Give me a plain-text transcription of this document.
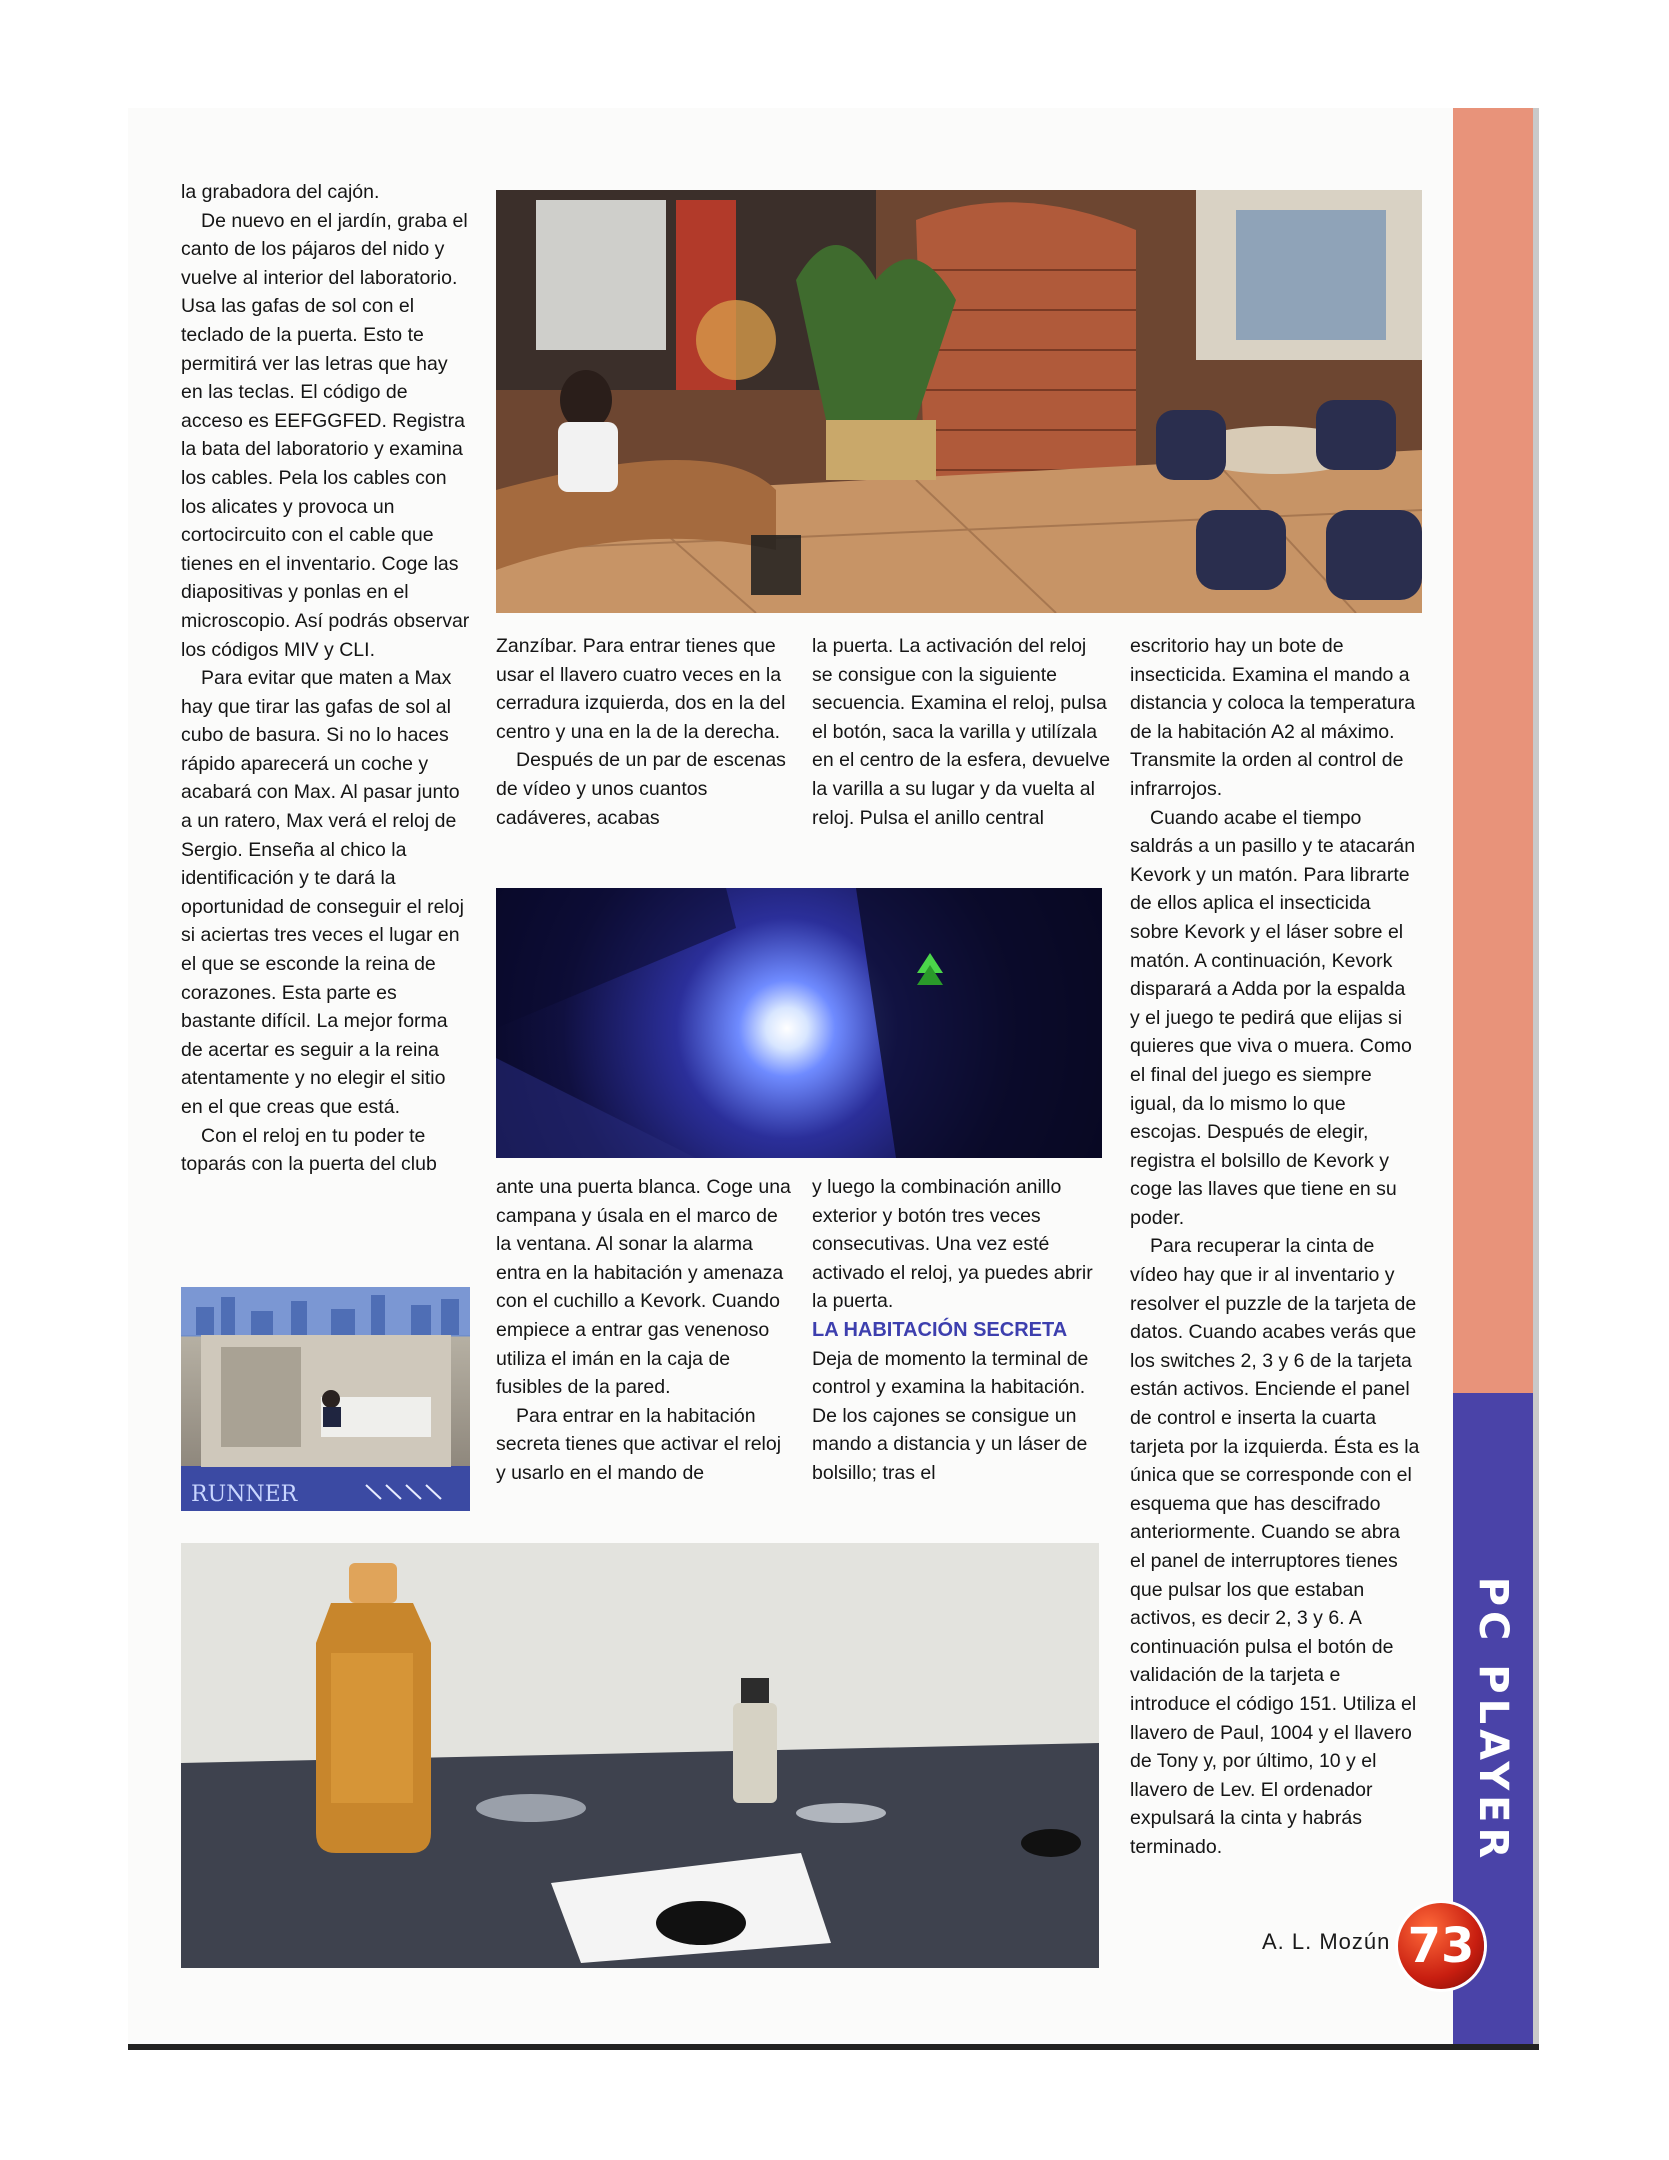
PC PLAYER
73
RUNNER

la grabadora del cajón.

De nuevo en el jardín, graba el canto de los pájaros del nido y vuelve al interior del laboratorio. Usa las gafas de sol con el teclado de la puerta. Esto te permitirá ver las letras que hay en las teclas. El código de acceso es EEFGGFED. Registra la bata del laboratorio y examina los cables. Pela los cables con los alicates y provoca un cortocircuito con el cable que tienes en el inventario. Coge las diapositivas y ponlas en el microscopio. Así podrás observar los códigos MIV y CLI.

Para evitar que maten a Max hay que tirar las gafas de sol al cubo de basura. Si no lo haces rápido aparecerá un coche y acabará con Max. Al pasar junto a un ratero, Max verá el reloj de Sergio. Enseña al chico la identificación y te dará la oportunidad de conseguir el reloj si aciertas tres veces el lugar en el que se esconde la reina de corazones. Esta parte es bastante difícil. La mejor forma de acertar es seguir a la reina atentamente y no elegir el sitio en el que creas que está.

Con el reloj en tu poder te toparás con la puerta del club

Zanzíbar. Para entrar tienes que usar el llavero cuatro veces en la cerradura izquierda, dos en la del centro y una en la de la derecha.

Después de un par de escenas de vídeo y unos cuantos cadáveres, acabas

ante una puerta blanca. Coge una campana y úsala en el marco de la ventana. Al sonar la alarma entra en la habitación y amenaza con el cuchillo a Kevork. Cuando empiece a entrar gas venenoso utiliza el imán en la caja de fusibles de la pared.

Para entrar en la habitación secreta tienes que activar el reloj y usarlo en el mando de

la puerta. La activación del reloj se consigue con la siguiente secuencia. Examina el reloj, pulsa el botón, saca la varilla y utilízala en el centro de la esfera, devuelve la varilla a su lugar y da vuelta al reloj. Pulsa el anillo central

y luego la combinación anillo exterior y botón tres veces consecutivas. Una vez esté activado el reloj, ya puedes abrir la puerta.

LA HABITACIÓN SECRETA

Deja de momento la terminal de control y examina la habitación. De los cajones se consigue un mando a distancia y un láser de bolsillo; tras el

escritorio hay un bote de insecticida. Examina el mando a distancia y coloca la temperatura de la habitación A2 al máximo. Transmite la orden al control de infrarrojos.

Cuando acabe el tiempo saldrás a un pasillo y te atacarán Kevork y un matón. Para librarte de ellos aplica el insecticida sobre Kevork y el láser sobre el matón. A continuación, Kevork disparará a Adda por la espalda y el juego te pedirá que elijas si quieres que viva o muera. Como el final del juego es siempre igual, da lo mismo lo que escojas. Después de elegir, registra el bolsillo de Kevork y coge las llaves que tiene en su poder.

Para recuperar la cinta de vídeo hay que ir al inventario y resolver el puzzle de la tarjeta de datos. Cuando acabes verás que los switches 2, 3 y 6 de la tarjeta están activos. Enciende el panel de control e inserta la cuarta tarjeta por la izquierda. Ésta es la única que se corresponde con el esquema que has descifrado anteriormente. Cuando se abra el panel de interruptores tienes que pulsar los que estaban activos, es decir 2, 3 y 6. A continuación pulsa el botón de validación de la tarjeta e introduce el código 151. Utiliza el llavero de Paul, 1004 y el llavero de Tony y, por último, 10 y el llavero de Lev. El ordenador expulsará la cinta y habrás terminado.

A. L. Mozún
